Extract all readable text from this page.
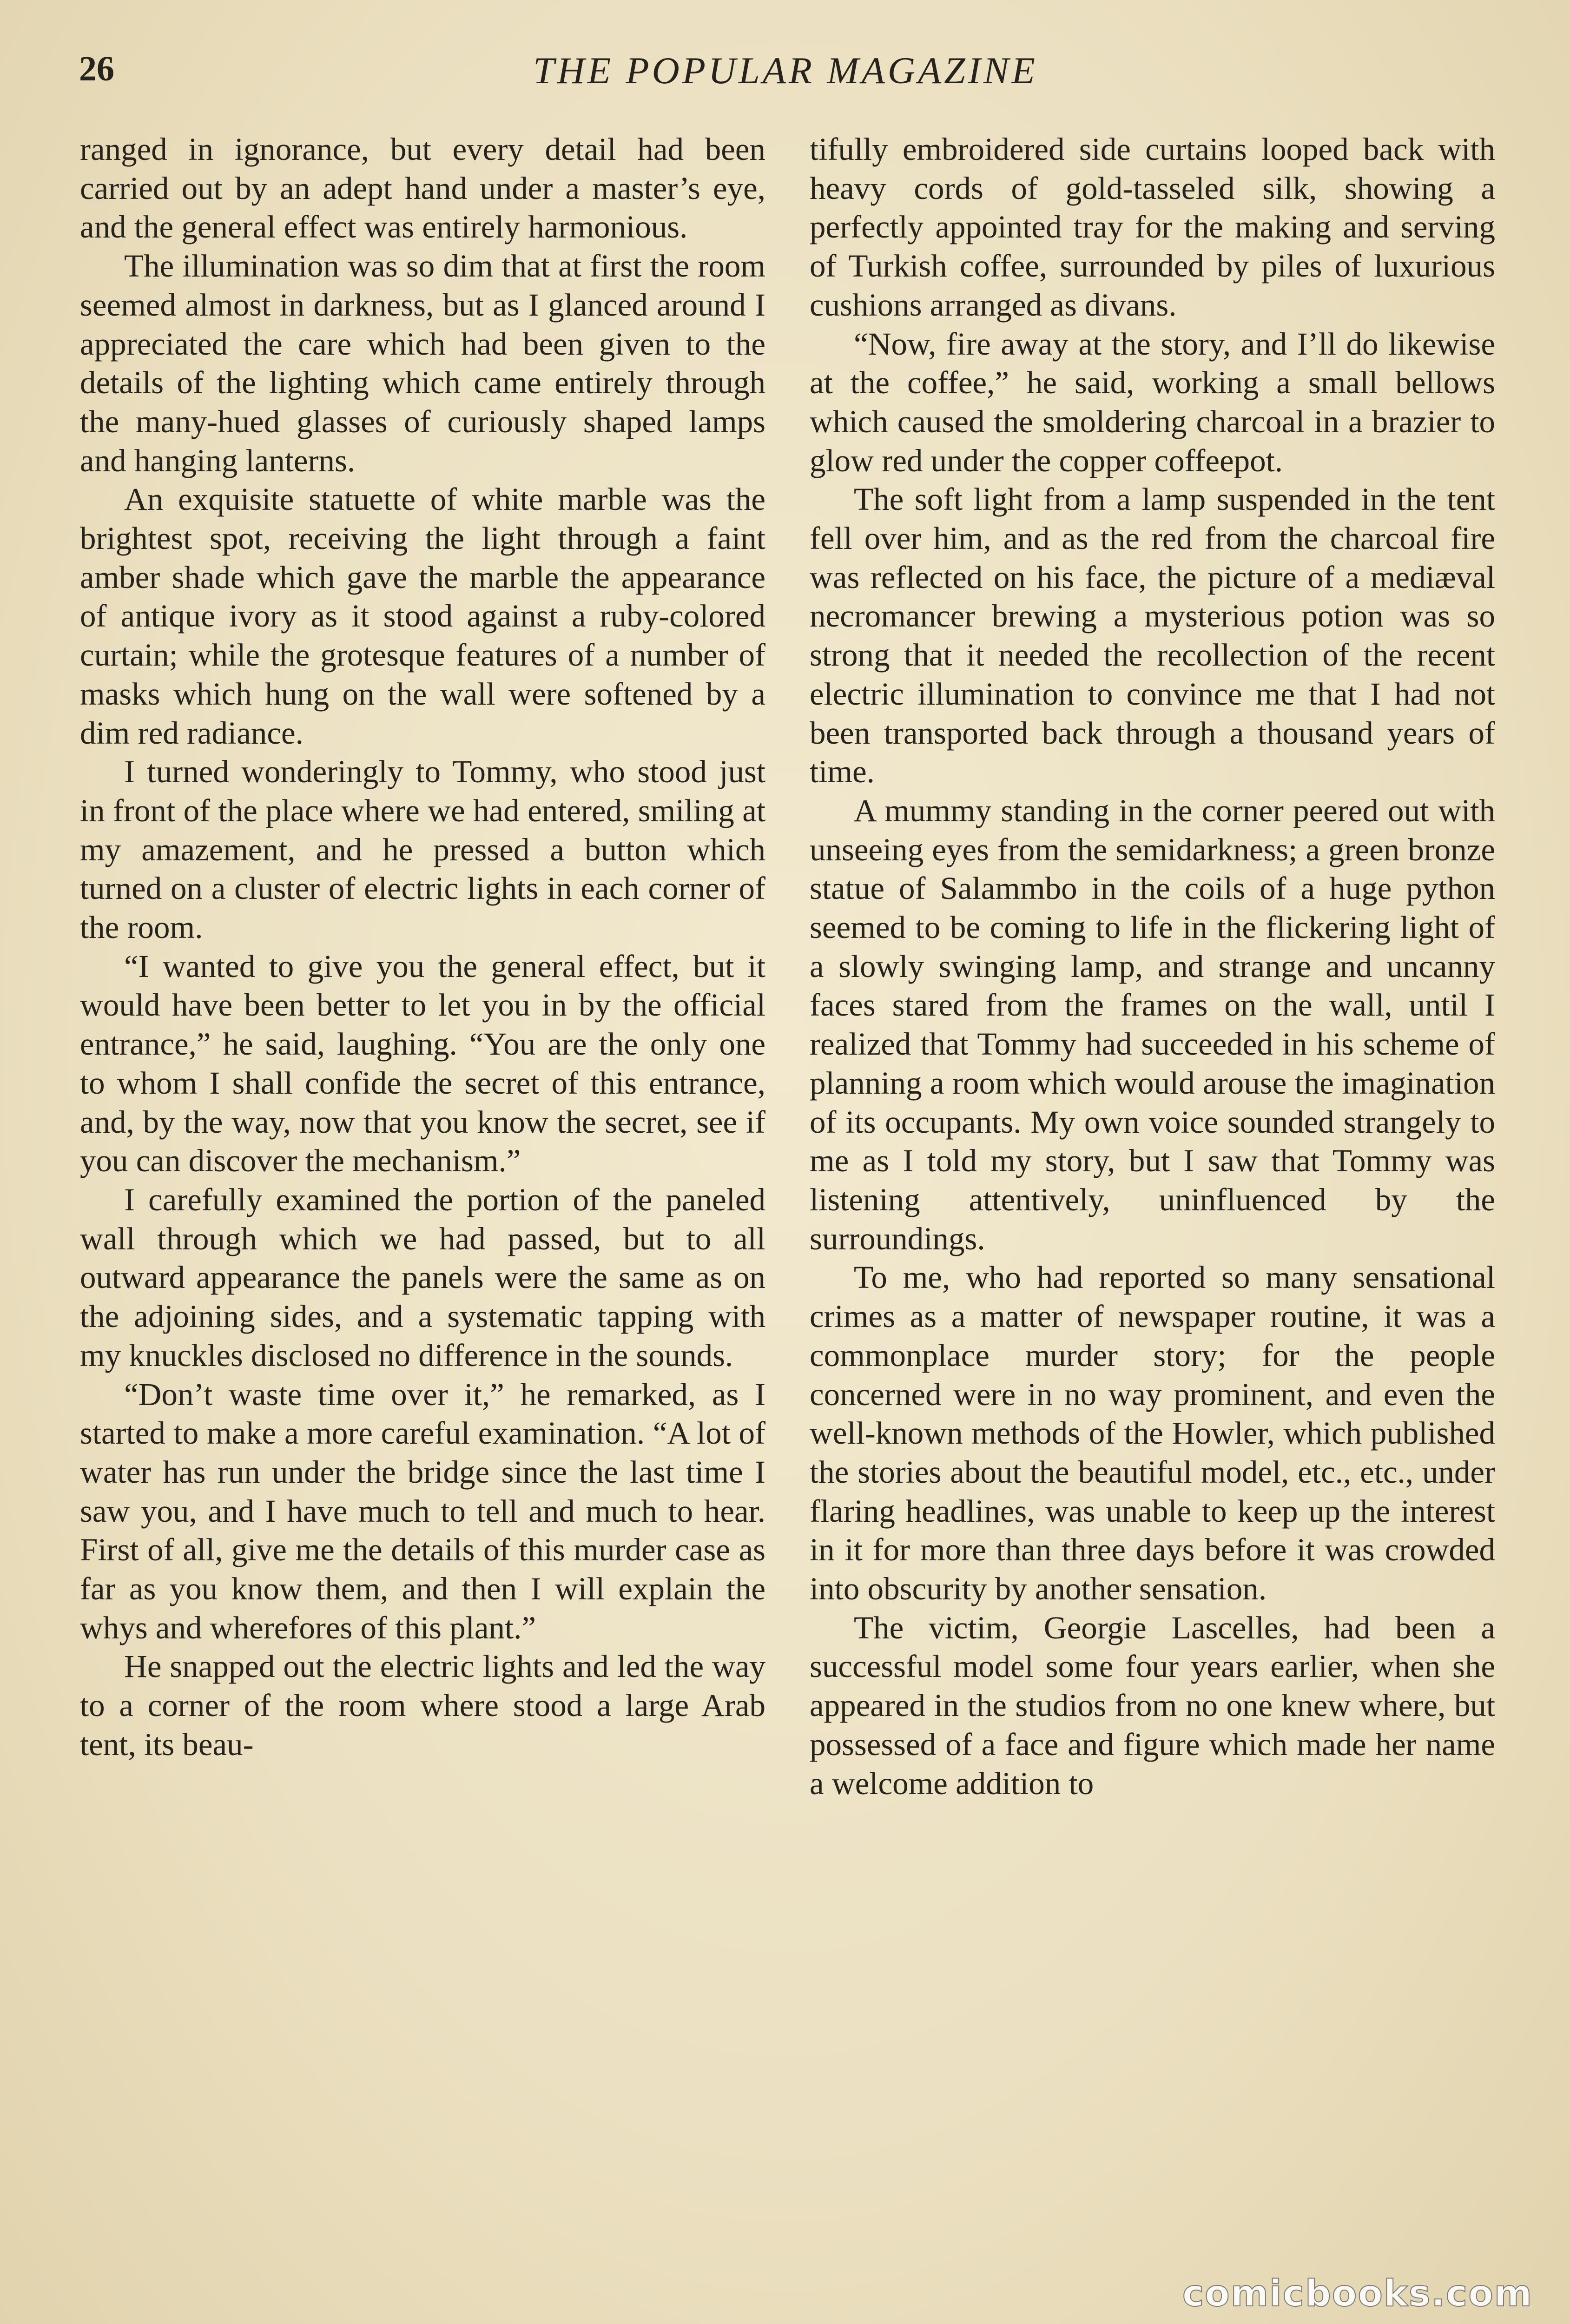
26	THE POPULAR MAGAZINE

ranged in ignorance, but every detail had been carried out by an adept hand under a master’s eye, and the general effect was entirely harmonious.

The illumination was so dim that at first the room seemed almost in darkness, but as I glanced around I appreciated the care which had been given to the details of the lighting which came entirely through the many-hued glasses of curiously shaped lamps and hanging lanterns.

An exquisite statuette of white marble was the brightest spot, receiving the light through a faint amber shade which gave the marble the appearance of antique ivory as it stood against a ruby-colored curtain; while the grotesque features of a number of masks which hung on the wall were softened by a dim red radiance.

I turned wonderingly to Tommy, who stood just in front of the place where we had entered, smiling at my amazement, and he pressed a button which turned on a cluster of electric lights in each corner of the room.

“I wanted to give you the general effect, but it would have been better to let you in by the official entrance,” he said, laughing. “You are the only one to whom I shall confide the secret of this entrance, and, by the way, now that you know the secret, see if you can discover the mechanism.”

I carefully examined the portion of the paneled wall through which we had passed, but to all outward appearance the panels were the same as on the adjoining sides, and a systematic tapping with my knuckles disclosed no difference in the sounds.

“Don’t waste time over it,” he remarked, as I started to make a more careful examination. “A lot of water has run under the bridge since the last time I saw you, and I have much to tell and much to hear. First of all, give me the details of this murder case as far as you know them, and then I will explain the whys and wherefores of this plant.”

He snapped out the electric lights and led the way to a corner of the room where stood a large Arab tent, its beau-

tifully embroidered side curtains looped back with heavy cords of gold-tasseled silk, showing a perfectly appointed tray for the making and serving of Turkish coffee, surrounded by piles of luxurious cushions arranged as divans.

“Now, fire away at the story, and I’ll do likewise at the coffee,” he said, working a small bellows which caused the smoldering charcoal in a brazier to glow red under the copper coffeepot.

The soft light from a lamp suspended in the tent fell over him, and as the red from the charcoal fire was reflected on his face, the picture of a mediæval necromancer brewing a mysterious potion was so strong that it needed the recollection of the recent electric illumination to convince me that I had not been transported back through a thousand years of time.

A mummy standing in the corner peered out with unseeing eyes from the semidarkness; a green bronze statue of Salammbo in the coils of a huge python seemed to be coming to life in the flickering light of a slowly swinging lamp, and strange and uncanny faces stared from the frames on the wall, until I realized that Tommy had succeeded in his scheme of planning a room which would arouse the imagination of its occupants. My own voice sounded strangely to me as I told my story, but I saw that Tommy was listening attentively, uninfluenced by the surroundings.

To me, who had reported so many sensational crimes as a matter of newspaper routine, it was a commonplace murder story; for the people concerned were in no way prominent, and even the well-known methods of the Howler, which published the stories about the beautiful model, etc., etc., under flaring headlines, was unable to keep up the interest in it for more than three days before it was crowded into obscurity by another sensation.

The victim, Georgie Lascelles, had been a successful model some four years earlier, when she appeared in the studios from no one knew where, but possessed of a face and figure which made her name a welcome addition to

comicbooks.com
